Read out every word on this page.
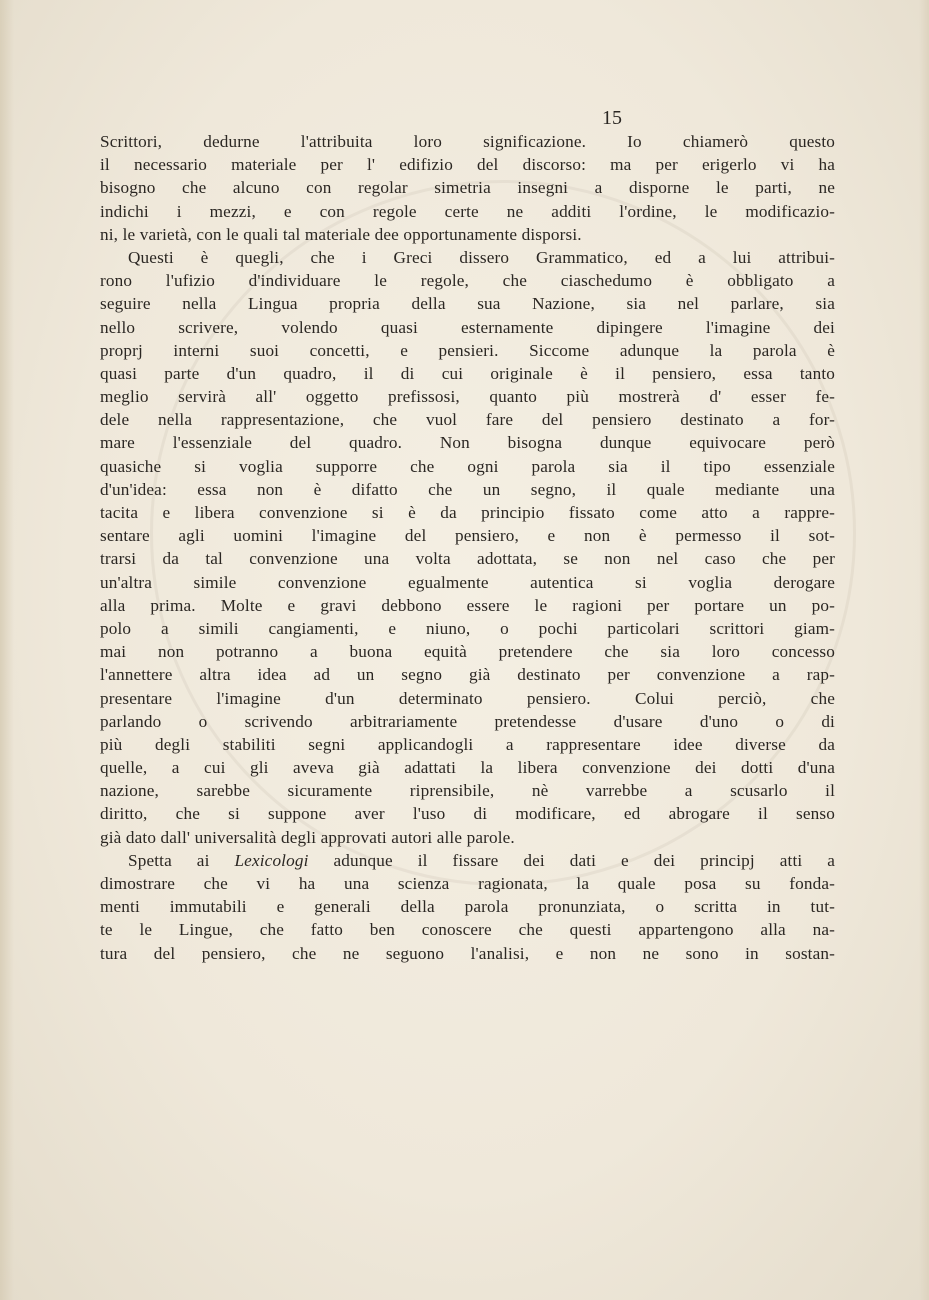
15
Scrittori, dedurne l'attribuita loro significazione. Io chiamerò questo
il necessario materiale per l' edifizio del discorso: ma per erigerlo vi ha
bisogno che alcuno con regolar simetria insegni a disporne le parti, ne
indichi i mezzi, e con regole certe ne additi l'ordine, le modificazio-
ni, le varietà, con le quali tal materiale dee opportunamente disporsi.
Questi è quegli, che i Greci dissero Grammatico, ed a lui attribui-
rono l'ufizio d'individuare le regole, che ciaschedumo è obbligato a
seguire nella Lingua propria della sua Nazione, sia nel parlare, sia
nello scrivere, volendo quasi esternamente dipingere l'imagine dei
proprj interni suoi concetti, e pensieri. Siccome adunque la parola è
quasi parte d'un quadro, il di cui originale è il pensiero, essa tanto
meglio servirà all' oggetto prefissosi, quanto più mostrerà d' esser fe-
dele nella rappresentazione, che vuol fare del pensiero destinato a for-
mare l'essenziale del quadro. Non bisogna dunque equivocare però
quasiche si voglia supporre che ogni parola sia il tipo essenziale
d'un'idea: essa non è difatto che un segno, il quale mediante una
tacita e libera convenzione si è da principio fissato come atto a rappre-
sentare agli uomini l'imagine del pensiero, e non è permesso il sot-
trarsi da tal convenzione una volta adottata, se non nel caso che per
un'altra simile convenzione egualmente autentica si voglia derogare
alla prima. Molte e gravi debbono essere le ragioni per portare un po-
polo a simili cangiamenti, e niuno, o pochi particolari scrittori giam-
mai non potranno a buona equità pretendere che sia loro concesso
l'annettere altra idea ad un segno già destinato per convenzione a rap-
presentare l'imagine d'un determinato pensiero. Colui perciò, che
parlando o scrivendo arbitrariamente pretendesse d'usare d'uno o di
più degli stabiliti segni applicandogli a rappresentare idee diverse da
quelle, a cui gli aveva già adattati la libera convenzione dei dotti d'una
nazione, sarebbe sicuramente riprensibile, nè varrebbe a scusarlo il
diritto, che si suppone aver l'uso di modificare, ed abrogare il senso
già dato dall' universalità degli approvati autori alle parole.
Spetta ai Lexicologi adunque il fissare dei dati e dei principj atti a
dimostrare che vi ha una scienza ragionata, la quale posa su fonda-
menti immutabili e generali della parola pronunziata, o scritta in tut-
te le Lingue, che fatto ben conoscere che questi appartengono alla na-
tura del pensiero, che ne seguono l'analisi, e non ne sono in sostan-
